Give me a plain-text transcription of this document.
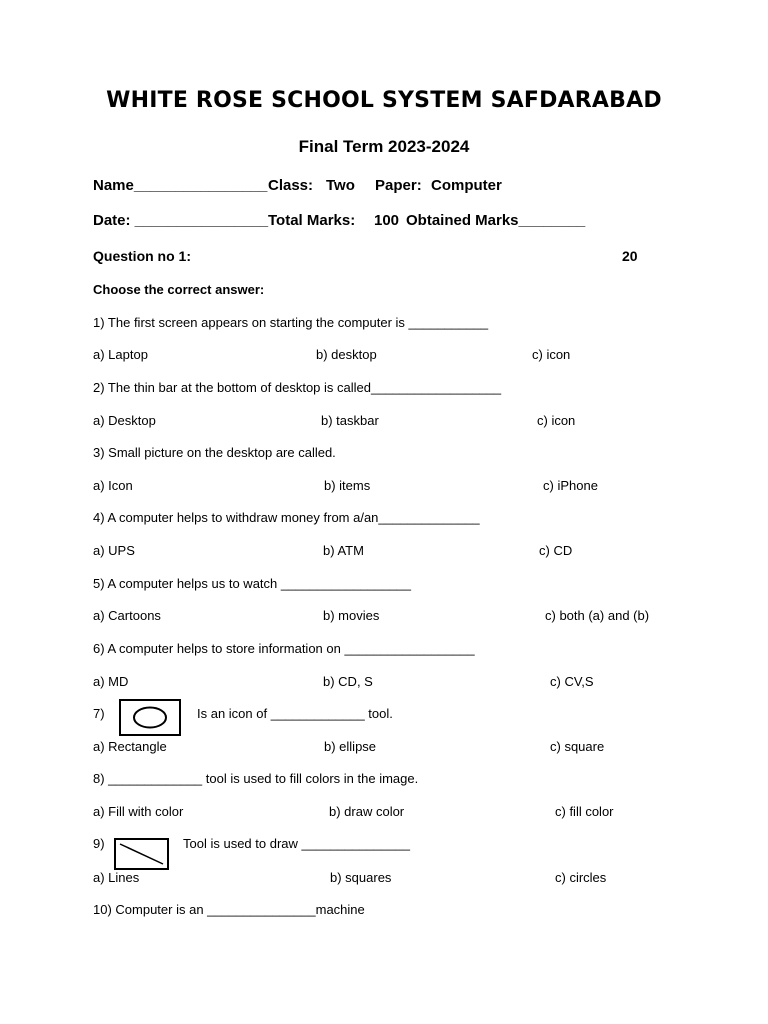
WHITE ROSE SCHOOL SYSTEM SAFDARABAD
Final Term 2023-2024
Name________________ Class: Two Paper: Computer
Date: ________________ Total Marks: 100 Obtained Marks________
Question no 1:	20
Choose the correct answer:
1) The first screen appears on starting the computer is ___________
a) Laptop	b) desktop	c) icon
2) The thin bar at the bottom of desktop is called__________________
a) Desktop	b) taskbar	c) icon
3) Small picture on the desktop are called.
a) Icon	b) items	c) iPhone
4) A computer helps to withdraw money from a/an______________
a) UPS	b) ATM	c) CD
5) A computer helps us to watch __________________
a) Cartoons	b) movies	c) both (a) and (b)
6) A computer helps to store information on __________________
a) MD	b) CD, S	c) CV,S
7)	Is an icon of _____________ tool.
a) Rectangle	b) ellipse	c) square
8) _____________ tool is used to fill colors in the image.
a) Fill with color	b) draw color	c) fill color
9)	Tool is used to draw _______________
a) Lines	b) squares	c) circles
10) Computer is an _______________machine
